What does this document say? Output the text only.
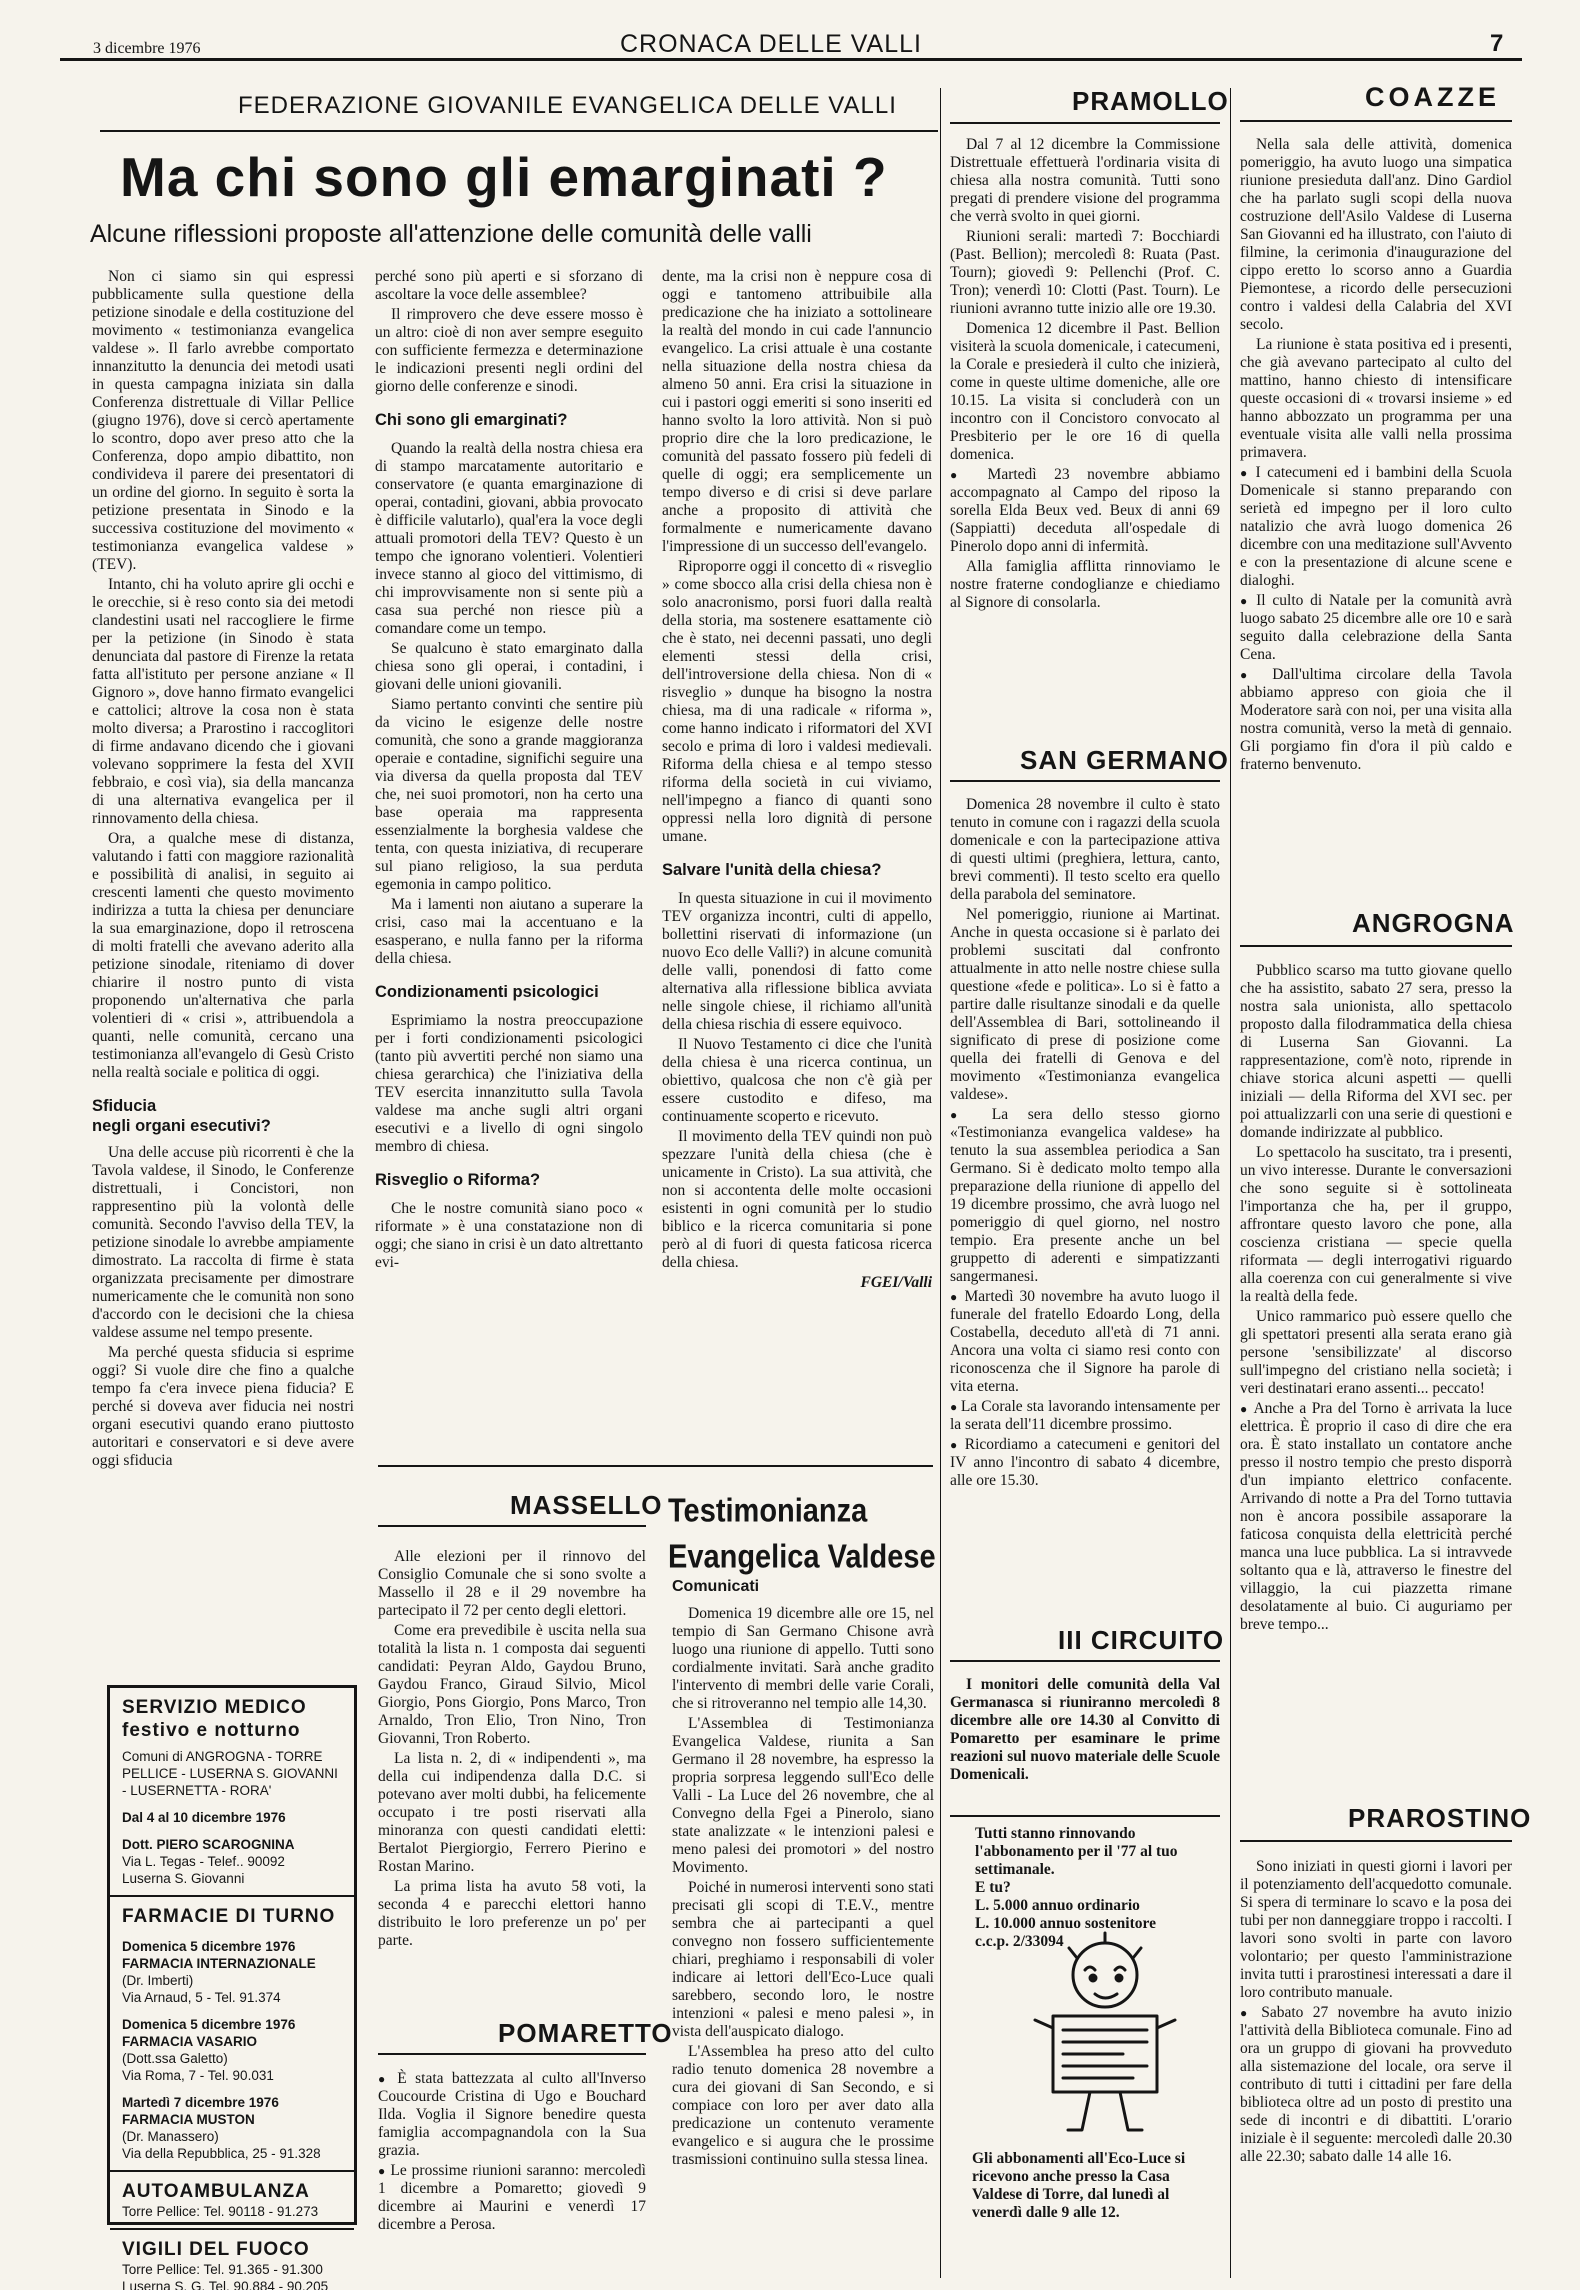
3 dicembre 1976	CRONACA DELLE VALLI	7
FEDERAZIONE GIOVANILE EVANGELICA DELLE VALLI
Ma chi sono gli emarginati ?
Alcune riflessioni proposte all'attenzione delle comunità delle valli

Non ci siamo sin qui espressi pubblicamente sulla questione della petizione sinodale e della costituzione del movimento « testimonianza evangelica valdese ». Il farlo avrebbe comportato innanzitutto la denuncia dei metodi usati in questa campagna iniziata sin dalla Conferenza distrettuale di Villar Pellice (giugno 1976), dove si cercò apertamente lo scontro, dopo aver preso atto che la Conferenza, dopo ampio dibattito, non condivideva il parere dei presentatori di un ordine del giorno. In seguito è sorta la petizione presentata in Sinodo e la successiva costituzione del movimento « testimonianza evangelica valdese » (TEV).

Intanto, chi ha voluto aprire gli occhi e le orecchie, si è reso conto sia dei metodi clandestini usati nel raccogliere le firme per la petizione (in Sinodo è stata denunciata dal pastore di Firenze la retata fatta all'istituto per persone anziane « Il Gignoro », dove hanno firmato evangelici e cattolici; altrove la cosa non è stata molto diversa; a Prarostino i raccoglitori di firme andavano dicendo che i giovani volevano sopprimere la festa del XVII febbraio, e così via), sia della mancanza di una alternativa evangelica per il rinnovamento della chiesa.

Ora, a qualche mese di distanza, valutando i fatti con maggiore razionalità e possibilità di analisi, in seguito ai crescenti lamenti che questo movimento indirizza a tutta la chiesa per denunciare la sua emarginazione, dopo il retroscena di molti fratelli che avevano aderito alla petizione sinodale, riteniamo di dover chiarire il nostro punto di vista proponendo un'alternativa che parla volentieri di « crisi », attribuendola a quanti, nelle comunità, cercano una testimonianza all'evangelo di Gesù Cristo nella realtà sociale e politica di oggi.

Sfiducia
negli organi esecutivi?

Una delle accuse più ricorrenti è che la Tavola valdese, il Sinodo, le Conferenze distrettuali, i Concistori, non rappresentino più la volontà delle comunità. Secondo l'avviso della TEV, la petizione sinodale lo avrebbe ampiamente dimostrato. La raccolta di firme è stata organizzata precisamente per dimostrare numericamente che le comunità non sono d'accordo con le decisioni che la chiesa valdese assume nel tempo presente.

Ma perché questa sfiducia si esprime oggi? Si vuole dire che fino a qualche tempo fa c'era invece piena fiducia? E perché si doveva aver fiducia nei nostri organi esecutivi quando erano piuttosto autoritari e conservatori e si deve avere oggi sfiducia

perché sono più aperti e si sforzano di ascoltare la voce delle assemblee?

Il rimprovero che deve essere mosso è un altro: cioè di non aver sempre eseguito con sufficiente fermezza e determinazione le indicazioni presenti negli ordini del giorno delle conferenze e sinodi.

Chi sono gli emarginati?

Quando la realtà della nostra chiesa era di stampo marcatamente autoritario e conservatore (e quanta emarginazione di operai, contadini, giovani, abbia provocato è difficile valutarlo), qual'era la voce degli attuali promotori della TEV? Questo è un tempo che ignorano volentieri. Volentieri invece stanno al gioco del vittimismo, di chi improvvisamente non si sente più a casa sua perché non riesce più a comandare come un tempo.

Se qualcuno è stato emarginato dalla chiesa sono gli operai, i contadini, i giovani delle unioni giovanili.

Siamo pertanto convinti che sentire più da vicino le esigenze delle nostre comunità, che sono a grande maggioranza operaie e contadine, significhi seguire una via diversa da quella proposta dal TEV che, nei suoi promotori, non ha certo una base operaia ma rappresenta essenzialmente la borghesia valdese che tenta, con questa iniziativa, di recuperare sul piano religioso, la sua perduta egemonia in campo politico.

Ma i lamenti non aiutano a superare la crisi, caso mai la accentuano e la esasperano, e nulla fanno per la riforma della chiesa.

Condizionamenti psicologici

Esprimiamo la nostra preoccupazione per i forti condizionamenti psicologici (tanto più avvertiti perché non siamo una chiesa gerarchica) che l'iniziativa della TEV esercita innanzitutto sulla Tavola valdese ma anche sugli altri organi esecutivi e a livello di ogni singolo membro di chiesa.

Risveglio o Riforma?

Che le nostre comunità siano poco « riformate » è una constatazione non di oggi; che siano in crisi è un dato altrettanto evi-

dente, ma la crisi non è neppure cosa di oggi e tantomeno attribuibile alla predicazione che ha iniziato a sottolineare la realtà del mondo in cui cade l'annuncio evangelico. La crisi attuale è una costante nella situazione della nostra chiesa da almeno 50 anni. Era crisi la situazione in cui i pastori oggi emeriti si sono inseriti ed hanno svolto la loro attività. Non si può proprio dire che la loro predicazione, le comunità del passato fossero più fedeli di quelle di oggi; era semplicemente un tempo diverso e di crisi si deve parlare anche a proposito di attività che formalmente e numericamente davano l'impressione di un successo dell'evangelo.

Riproporre oggi il concetto di « risveglio » come sbocco alla crisi della chiesa non è solo anacronismo, porsi fuori dalla realtà della storia, ma sostenere esattamente ciò che è stato, nei decenni passati, uno degli elementi stessi della crisi, dell'introversione della chiesa. Non di « risveglio » dunque ha bisogno la nostra chiesa, ma di una radicale « riforma », come hanno indicato i riformatori del XVI secolo e prima di loro i valdesi medievali. Riforma della chiesa e al tempo stesso riforma della società in cui viviamo, nell'impegno a fianco di quanti sono oppressi nella loro dignità di persone umane.

Salvare l'unità della chiesa?

In questa situazione in cui il movimento TEV organizza incontri, culti di appello, bollettini riservati di informazione (un nuovo Eco delle Valli?) in alcune comunità delle valli, ponendosi di fatto come alternativa alla riflessione biblica avviata nelle singole chiese, il richiamo all'unità della chiesa rischia di essere equivoco.

Il Nuovo Testamento ci dice che l'unità della chiesa è una ricerca continua, un obiettivo, qualcosa che non c'è già per essere custodito e difeso, ma continuamente scoperto e ricevuto.

Il movimento della TEV quindi non può spezzare l'unità della chiesa (che è unicamente in Cristo). La sua attività, che non si accontenta delle molte occasioni esistenti in ogni comunità per lo studio biblico e la ricerca comunitaria si pone però al di fuori di questa faticosa ricerca della chiesa.

FGEI/Valli

SERVIZIO MEDICO
festivo e notturno
Comuni di ANGROGNA - TORRE PELLICE - LUSERNA S. GIOVANNI - LUSERNETTA - RORA'
Dal 4 al 10 dicembre 1976
Dott. PIERO SCAROGNINA
Via L. Tegas - Telef.. 90092
Luserna S. Giovanni
FARMACIE DI TURNO
Domenica 5 dicembre 1976
FARMACIA INTERNAZIONALE
(Dr. Imberti)
Via Arnaud, 5 - Tel. 91.374
Domenica 5 dicembre 1976
FARMACIA VASARIO
(Dott.ssa Galetto)
Via Roma, 7 - Tel. 90.031
Martedì 7 dicembre 1976
FARMACIA MUSTON
(Dr. Manassero)
Via della Repubblica, 25 - 91.328
AUTOAMBULANZA
Torre Pellice: Tel. 90118 - 91.273
VIGILI DEL FUOCO
Torre Pellice: Tel. 91.365 - 91.300
Luserna S. G. Tel. 90.884 - 90.205
MASSELLO

Alle elezioni per il rinnovo del Consiglio Comunale che si sono svolte a Massello il 28 e il 29 novembre ha partecipato il 72 per cento degli elettori.

Come era prevedibile è uscita nella sua totalità la lista n. 1 composta dai seguenti candidati: Peyran Aldo, Gaydou Bruno, Gaydou Franco, Giraud Silvio, Micol Giorgio, Pons Giorgio, Pons Marco, Tron Arnaldo, Tron Elio, Tron Nino, Tron Giovanni, Tron Roberto.

La lista n. 2, di « indipendenti », ma della cui indipendenza dalla D.C. si potevano aver molti dubbi, ha felicemente occupato i tre posti riservati alla minoranza con questi candidati eletti: Bertalot Piergiorgio, Ferrero Pierino e Rostan Marino.

La prima lista ha avuto 58 voti, la seconda 4 e parecchi elettori hanno distribuito le loro preferenze un po' per parte.

POMARETTO

● È stata battezzata al culto all'Inverso Coucourde Cristina di Ugo e Bouchard Ilda. Voglia il Signore benedire questa famiglia accompagnandola con la Sua grazia.

● Le prossime riunioni saranno: mercoledì 1 dicembre a Pomaretto; giovedì 9 dicembre ai Maurini e venerdì 17 dicembre a Perosa.

Testimonianza
Evangelica Valdese
Comunicati

Domenica 19 dicembre alle ore 15, nel tempio di San Germano Chisone avrà luogo una riunione di appello. Tutti sono cordialmente invitati. Sarà anche gradito l'intervento di membri delle varie Corali, che si ritroveranno nel tempio alle 14,30.

L'Assemblea di Testimonianza Evangelica Valdese, riunita a San Germano il 28 novembre, ha espresso la propria sorpresa leggendo sull'Eco delle Valli - La Luce del 26 novembre, che al Convegno della Fgei a Pinerolo, siano state analizzate « le intenzioni palesi e meno palesi dei promotori » del nostro Movimento.

Poiché in numerosi interventi sono stati precisati gli scopi di T.E.V., mentre sembra che ai partecipanti a quel convegno non fossero sufficientemente chiari, preghiamo i responsabili di voler indicare ai lettori dell'Eco-Luce quali sarebbero, secondo loro, le nostre intenzioni « palesi e meno palesi », in vista dell'auspicato dialogo.

L'Assemblea ha preso atto del culto radio tenuto domenica 28 novembre a cura dei giovani di San Secondo, e si compiace con loro per aver dato alla predicazione un contenuto veramente evangelico e si augura che le prossime trasmissioni continuino sulla stessa linea.

PRAMOLLO

Dal 7 al 12 dicembre la Commissione Distrettuale effettuerà l'ordinaria visita di chiesa alla nostra comunità. Tutti sono pregati di prendere visione del programma che verrà svolto in quei giorni.

Riunioni serali: martedì 7: Bocchiardi (Past. Bellion); mercoledì 8: Ruata (Past. Tourn); giovedì 9: Pellenchi (Prof. C. Tron); venerdì 10: Clotti (Past. Tourn). Le riunioni avranno tutte inizio alle ore 19.30.

Domenica 12 dicembre il Past. Bellion visiterà la scuola domenicale, i catecumeni, la Corale e presiederà il culto che inizierà, come in queste ultime domeniche, alle ore 10.15. La visita si concluderà con un incontro con il Concistoro convocato al Presbiterio per le ore 16 di quella domenica.

● Martedì 23 novembre abbiamo accompagnato al Campo del riposo la sorella Elda Beux ved. Beux di anni 69 (Sappiatti) deceduta all'ospedale di Pinerolo dopo anni di infermità.

Alla famiglia afflitta rinnoviamo le nostre fraterne condoglianze e chiediamo al Signore di consolarla.

SAN GERMANO

Domenica 28 novembre il culto è stato tenuto in comune con i ragazzi della scuola domenicale e con la partecipazione attiva di questi ultimi (preghiera, lettura, canto, brevi commenti). Il testo scelto era quello della parabola del seminatore.

Nel pomeriggio, riunione ai Martinat. Anche in questa occasione si è parlato dei problemi suscitati dal confronto attualmente in atto nelle nostre chiese sulla questione «fede e politica». Lo si è fatto a partire dalle risultanze sinodali e da quelle dell'Assemblea di Bari, sottolineando il significato di prese di posizione come quella dei fratelli di Genova e del movimento «Testimonianza evangelica valdese».

● La sera dello stesso giorno «Testimonianza evangelica valdese» ha tenuto la sua assemblea periodica a San Germano. Si è dedicato molto tempo alla preparazione della riunione di appello del 19 dicembre prossimo, che avrà luogo nel pomeriggio di quel giorno, nel nostro tempio. Era presente anche un bel gruppetto di aderenti e simpatizzanti sangermanesi.

● Martedì 30 novembre ha avuto luogo il funerale del fratello Edoardo Long, della Costabella, deceduto all'età di 71 anni. Ancora una volta ci siamo resi conto con riconoscenza che il Signore ha parole di vita eterna.

● La Corale sta lavorando intensamente per la serata dell'11 dicembre prossimo.

● Ricordiamo a catecumeni e genitori del IV anno l'incontro di sabato 4 dicembre, alle ore 15.30.

III CIRCUITO

I monitori delle comunità della Val Germanasca si riuniranno mercoledì 8 dicembre alle ore 14.30 al Convitto di Pomaretto per esaminare le prime reazioni sul nuovo materiale delle Scuole Domenicali.

Tutti stanno rinnovando l'abbonamento per il '77 al tuo settimanale.
E tu?
L. 5.000 annuo ordinario
L. 10.000 annuo sostenitore
c.c.p. 2/33094
Gli abbonamenti all'Eco-Luce si ricevono anche presso la Casa Valdese di Torre, dal lunedì al venerdì dalle 9 alle 12.
COAZZE

Nella sala delle attività, domenica pomeriggio, ha avuto luogo una simpatica riunione presieduta dall'anz. Dino Gardiol che ha parlato sugli scopi della nuova costruzione dell'Asilo Valdese di Luserna San Giovanni ed ha illustrato, con l'aiuto di filmine, la cerimonia d'inaugurazione del cippo eretto lo scorso anno a Guardia Piemontese, a ricordo delle persecuzioni contro i valdesi della Calabria del XVI secolo.

La riunione è stata positiva ed i presenti, che già avevano partecipato al culto del mattino, hanno chiesto di intensificare queste occasioni di « trovarsi insieme » ed hanno abbozzato un programma per una eventuale visita alle valli nella prossima primavera.

● I catecumeni ed i bambini della Scuola Domenicale si stanno preparando con serietà ed impegno per il loro culto natalizio che avrà luogo domenica 26 dicembre con una meditazione sull'Avvento e con la presentazione di alcune scene e dialoghi.

● Il culto di Natale per la comunità avrà luogo sabato 25 dicembre alle ore 10 e sarà seguito dalla celebrazione della Santa Cena.

● Dall'ultima circolare della Tavola abbiamo appreso con gioia che il Moderatore sarà con noi, per una visita alla nostra comunità, verso la metà di gennaio. Gli porgiamo fin d'ora il più caldo e fraterno benvenuto.

ANGROGNA

Pubblico scarso ma tutto giovane quello che ha assistito, sabato 27 sera, presso la nostra sala unionista, allo spettacolo proposto dalla filodrammatica della chiesa di Luserna San Giovanni. La rappresentazione, com'è noto, riprende in chiave storica alcuni aspetti — quelli iniziali — della Riforma del XVI sec. per poi attualizzarli con una serie di questioni e domande indirizzate al pubblico.

Lo spettacolo ha suscitato, tra i presenti, un vivo interesse. Durante le conversazioni che sono seguite si è sottolineata l'importanza che ha, per il gruppo, affrontare questo lavoro che pone, alla coscienza cristiana — specie quella riformata — degli interrogativi riguardo alla coerenza con cui generalmente si vive la realtà della fede.

Unico rammarico può essere quello che gli spettatori presenti alla serata erano già persone 'sensibilizzate' al discorso sull'impegno del cristiano nella società; i veri destinatari erano assenti... peccato!

● Anche a Pra del Torno è arrivata la luce elettrica. È proprio il caso di dire che era ora. È stato installato un contatore anche presso il nostro tempio che presto disporrà d'un impianto elettrico confacente. Arrivando di notte a Pra del Torno tuttavia non è ancora possibile assaporare la faticosa conquista della elettricità perché manca una luce pubblica. La si intravvede soltanto qua e là, attraverso le finestre del villaggio, la cui piazzetta rimane desolatamente al buio. Ci auguriamo per breve tempo...

PRAROSTINO

Sono iniziati in questi giorni i lavori per il potenziamento dell'acquedotto comunale. Si spera di terminare lo scavo e la posa dei tubi per non danneggiare troppo i raccolti. I lavori sono svolti in parte con lavoro volontario; per questo l'amministrazione invita tutti i prarostinesi interessati a dare il loro contributo manuale.

● Sabato 27 novembre ha avuto inizio l'attività della Biblioteca comunale. Fino ad ora un gruppo di giovani ha provveduto alla sistemazione del locale, ora serve il contributo di tutti i cittadini per fare della biblioteca oltre ad un posto di prestito una sede di incontri e di dibattiti. L'orario iniziale è il seguente: mercoledì dalle 20.30 alle 22.30; sabato dalle 14 alle 16.
